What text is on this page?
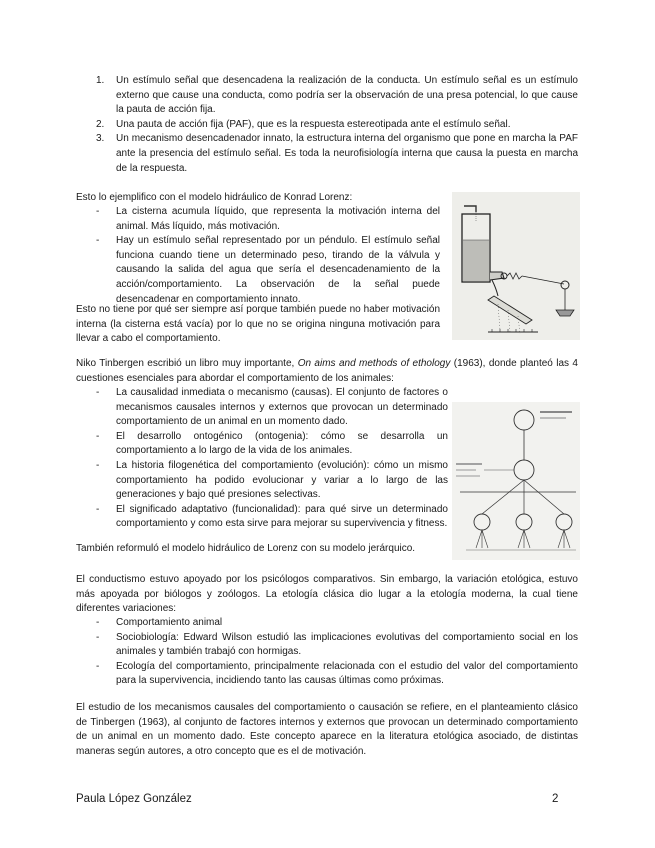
1. Un estímulo señal que desencadena la realización de la conducta. Un estímulo señal es un estímulo externo que cause una conducta, como podría ser la observación de una presa potencial, lo que cause la pauta de acción fija.
2. Una pauta de acción fija (PAF), que es la respuesta estereotipada ante el estímulo señal.
3. Un mecanismo desencadenador innato, la estructura interna del organismo que pone en marcha la PAF ante la presencia del estímulo señal. Es toda la neurofisiología interna que causa la puesta en marcha de la respuesta.

Esto lo ejemplifico con el modelo hidráulico de Konrad Lorenz:

- La cisterna acumula líquido, que representa la motivación interna del animal. Más líquido, más motivación.
- Hay un estímulo señal representado por un péndulo. El estímulo señal funciona cuando tiene un determinado peso, tirando de la válvula y causando la salida del agua que sería el desencadenamiento de la acción/comportamiento. La observación de la señal puede desencadenar en comportamiento innato.

Esto no tiene por qué ser siempre así porque también puede no haber motivación interna (la cisterna está vacía) por lo que no se origina ninguna motivación para llevar a cabo el comportamiento.

Niko Tinbergen escribió un libro muy importante, On aims and methods of ethology (1963), donde planteó las 4 cuestiones esenciales para abordar el comportamiento de los animales:

- La causalidad inmediata o mecanismo (causas). El conjunto de factores o mecanismos causales internos y externos que provocan un determinado comportamiento de un animal en un momento dado.
- El desarrollo ontogénico (ontogenia): cómo se desarrolla un comportamiento a lo largo de la vida de los animales.
- La historia filogenética del comportamiento (evolución): cómo un mismo comportamiento ha podido evolucionar y variar a lo largo de las generaciones y bajo qué presiones selectivas.
- El significado adaptativo (funcionalidad): para qué sirve un determinado comportamiento y como esta sirve para mejorar su supervivencia y fitness.

También reformuló el modelo hidráulico de Lorenz con su modelo jerárquico.

El conductismo estuvo apoyado por los psicólogos comparativos. Sin embargo, la variación etológica, estuvo más apoyada por biólogos y zoólogos. La etología clásica dio lugar a la etología moderna, la cual tiene diferentes variaciones:

- Comportamiento animal
- Sociobiología: Edward Wilson estudió las implicaciones evolutivas del comportamiento social en los animales y también trabajó con hormigas.
- Ecología del comportamiento, principalmente relacionada con el estudio del valor del comportamiento para la supervivencia, incidiendo tanto las causas últimas como próximas.

El estudio de los mecanismos causales del comportamiento o causación se refiere, en el planteamiento clásico de Tinbergen (1963), al conjunto de factores internos y externos que provocan un determinado comportamiento de un animal en un momento dado. Este concepto aparece en la literatura etológica asociado, de distintas maneras según autores, a otro concepto que es el de motivación.

Paula López González	2
